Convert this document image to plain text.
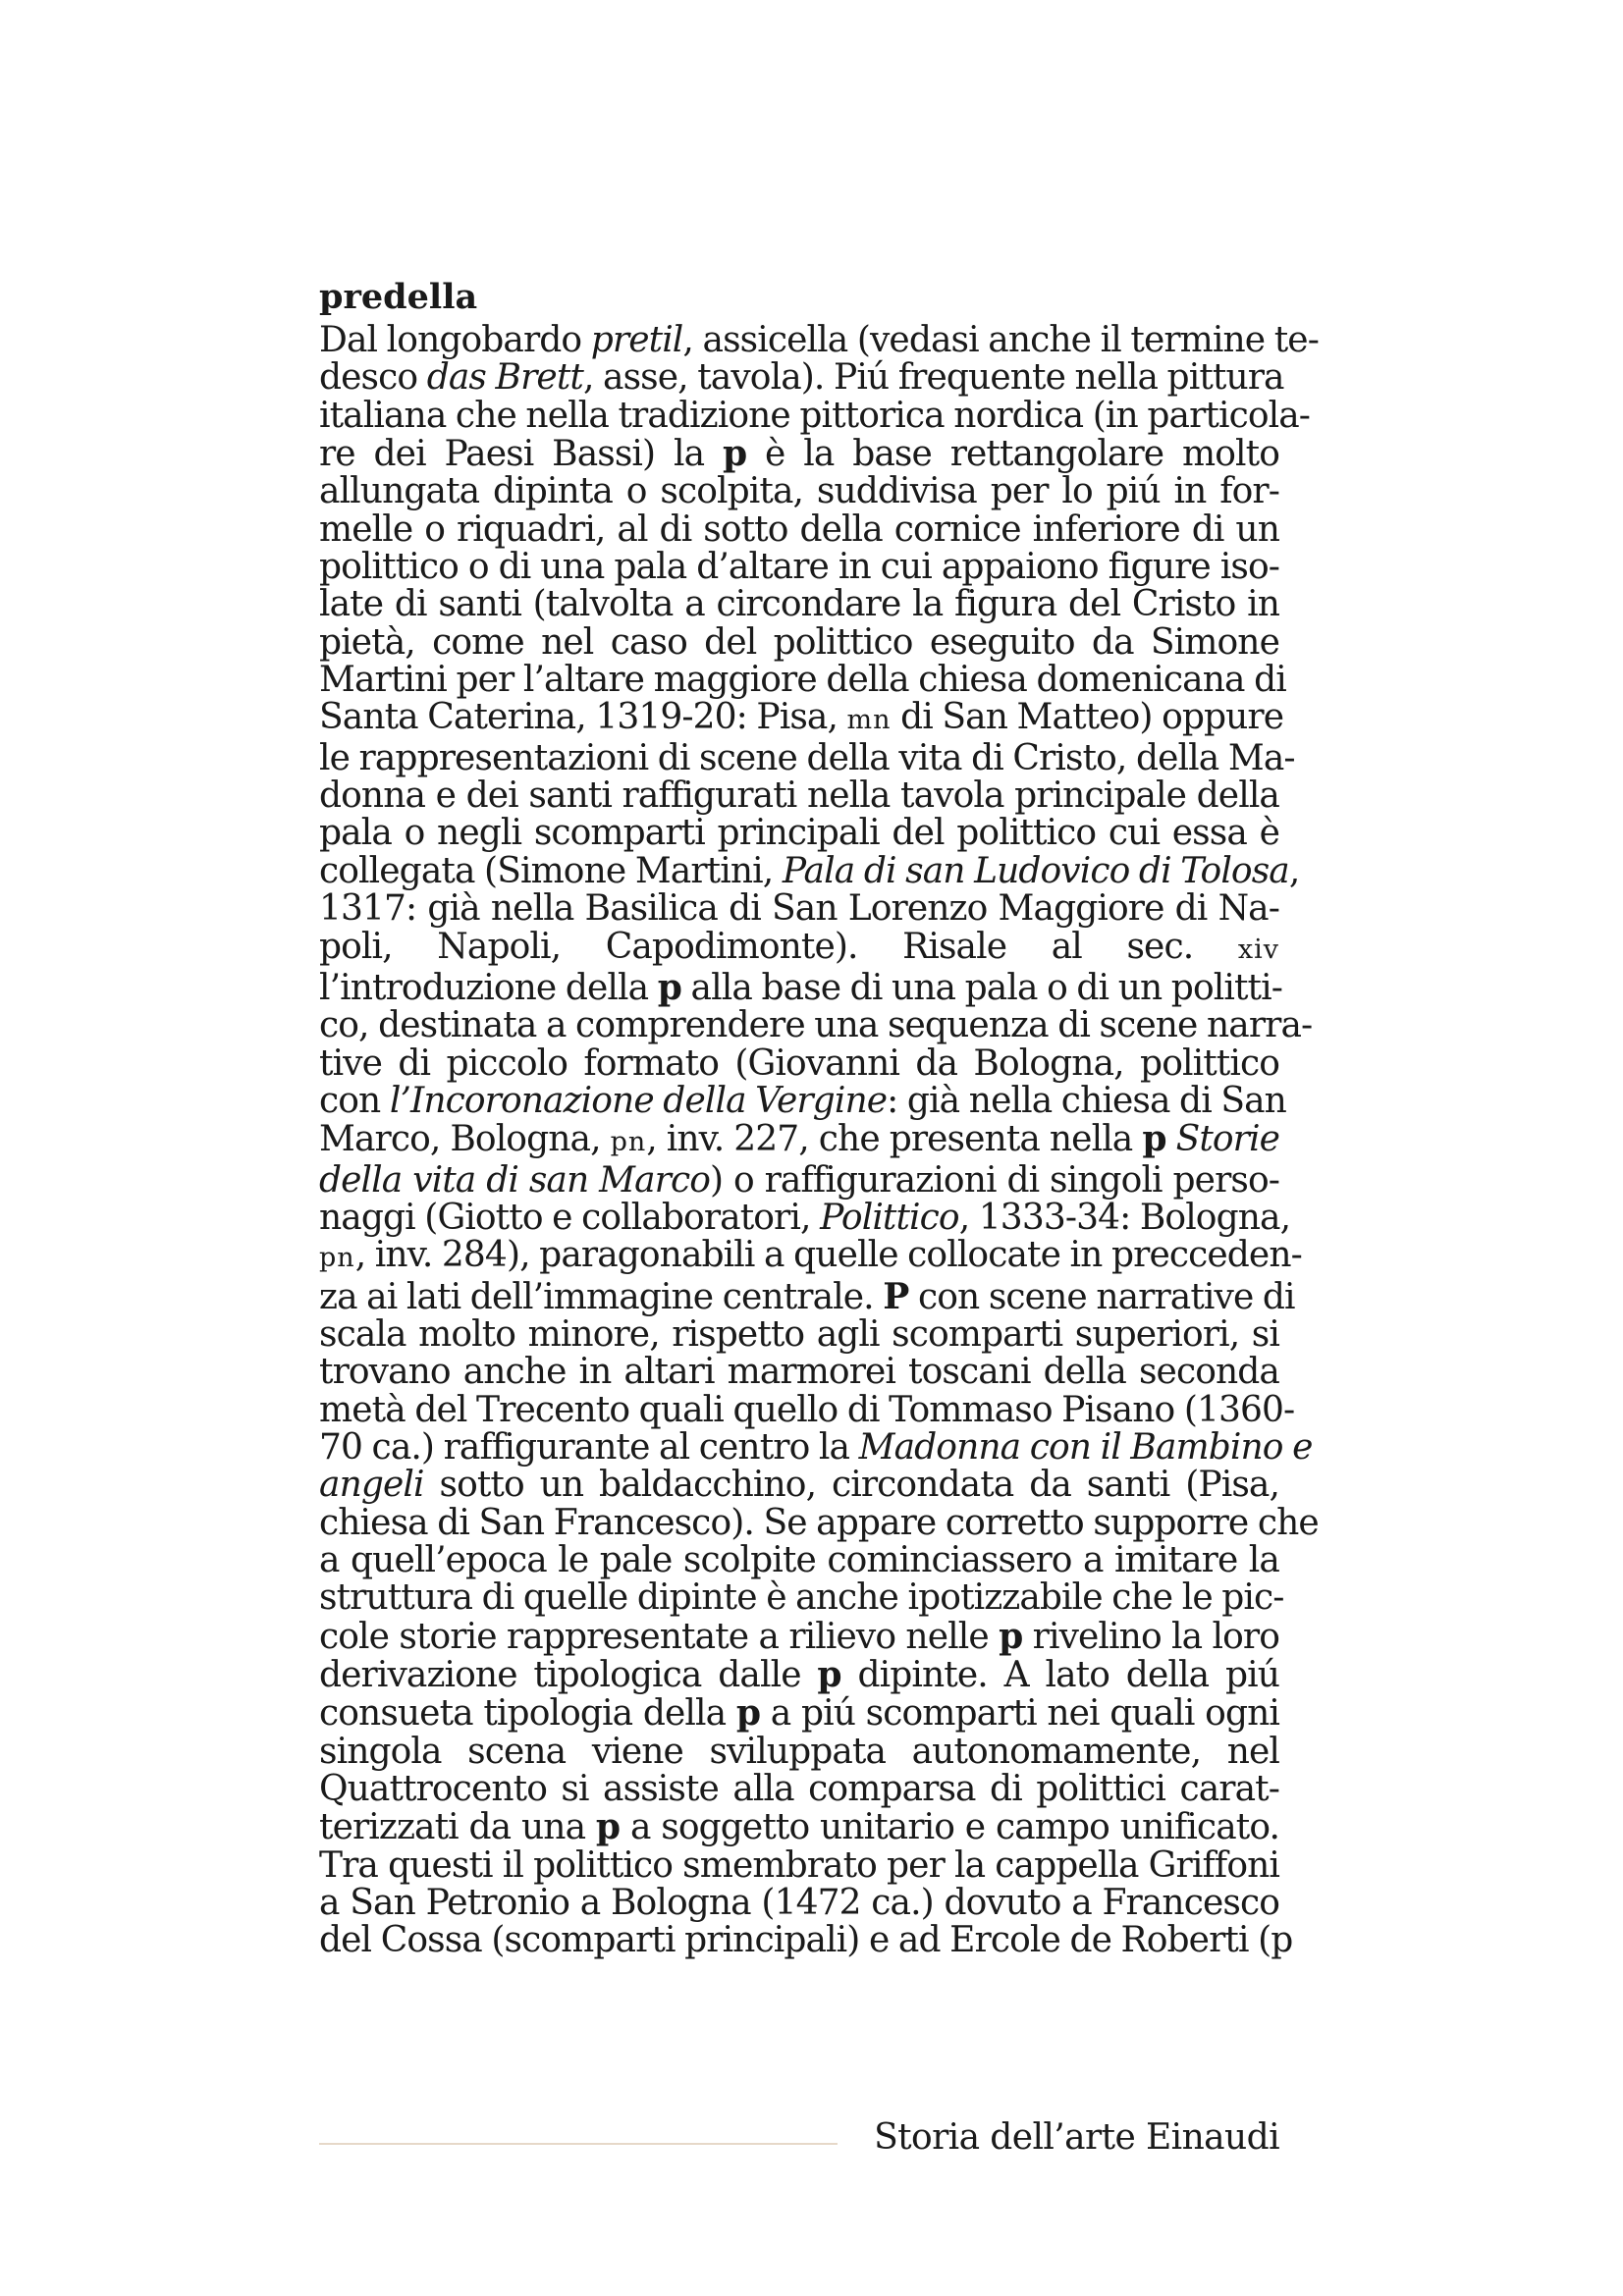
predella
Dal longobardo pretil, assicella (vedasi anche il termine te-
desco das Brett, asse, tavola). Piú frequente nella pittura
italiana che nella tradizione pittorica nordica (in particola-
re dei Paesi Bassi) la p è la base rettangolare molto
allungata dipinta o scolpita, suddivisa per lo piú in for-
melle o riquadri, al di sotto della cornice inferiore di un
polittico o di una pala d’altare in cui appaiono figure iso-
late di santi (talvolta a circondare la figura del Cristo in
pietà, come nel caso del polittico eseguito da Simone
Martini per l’altare maggiore della chiesa domenicana di
Santa Caterina, 1319-20: Pisa, mn di San Matteo) oppure
le rappresentazioni di scene della vita di Cristo, della Ma-
donna e dei santi raffigurati nella tavola principale della
pala o negli scomparti principali del polittico cui essa è
collegata (Simone Martini, Pala di san Ludovico di Tolosa,
1317: già nella Basilica di San Lorenzo Maggiore di Na-
poli, Napoli, Capodimonte). Risale al sec. xiv
l’introduzione della p alla base di una pala o di un politti-
co, destinata a comprendere una sequenza di scene narra-
tive di piccolo formato (Giovanni da Bologna, polittico
con l’Incoronazione della Vergine: già nella chiesa di San
Marco, Bologna, pn, inv. 227, che presenta nella p Storie
della vita di san Marco) o raffigurazioni di singoli perso-
naggi (Giotto e collaboratori, Polittico, 1333-34: Bologna,
pn, inv. 284), paragonabili a quelle collocate in precceden-
za ai lati dell’immagine centrale. P con scene narrative di
scala molto minore, rispetto agli scomparti superiori, si
trovano anche in altari marmorei toscani della seconda
metà del Trecento quali quello di Tommaso Pisano (1360-
70 ca.) raffigurante al centro la Madonna con il Bambino e
angeli sotto un baldacchino, circondata da santi (Pisa,
chiesa di San Francesco). Se appare corretto supporre che
a quell’epoca le pale scolpite cominciassero a imitare la
struttura di quelle dipinte è anche ipotizzabile che le pic-
cole storie rappresentate a rilievo nelle p rivelino la loro
derivazione tipologica dalle p dipinte. A lato della piú
consueta tipologia della p a piú scomparti nei quali ogni
singola scena viene sviluppata autonomamente, nel
Quattrocento si assiste alla comparsa di polittici carat-
terizzati da una p a soggetto unitario e campo unificato.
Tra questi il polittico smembrato per la cappella Griffoni
a San Petronio a Bologna (1472 ca.) dovuto a Francesco
del Cossa (scomparti principali) e ad Ercole de Roberti (p
Storia dell’arte Einaudi
